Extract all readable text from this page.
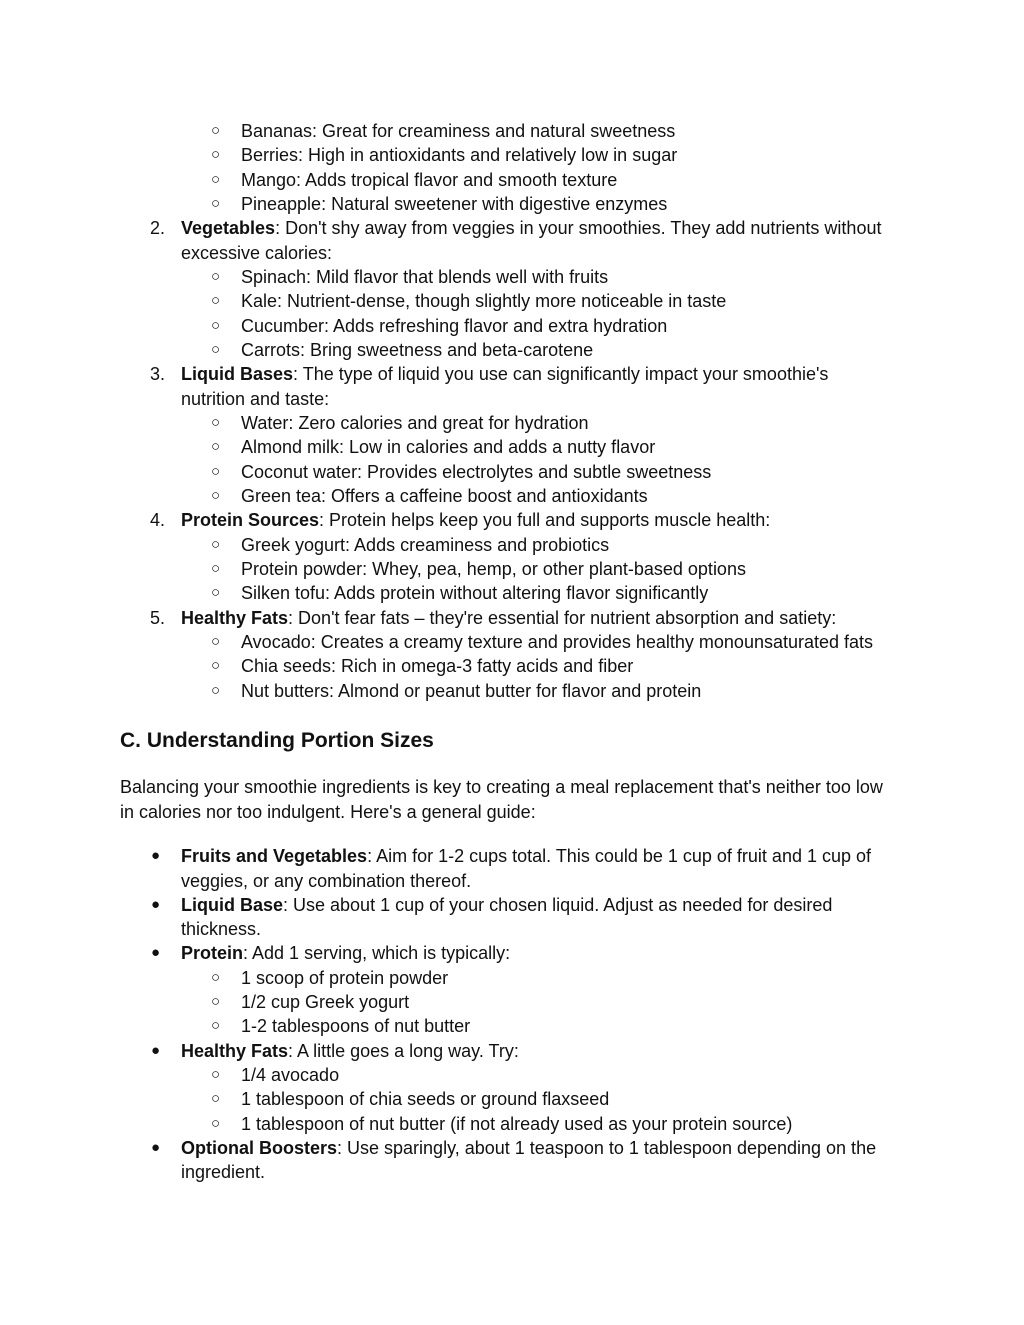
○ Bananas: Great for creaminess and natural sweetness
○ Berries: High in antioxidants and relatively low in sugar
○ Mango: Adds tropical flavor and smooth texture
○ Pineapple: Natural sweetener with digestive enzymes
2. Vegetables: Don't shy away from veggies in your smoothies. They add nutrients without
excessive calories:
○ Spinach: Mild flavor that blends well with fruits
○ Kale: Nutrient-dense, though slightly more noticeable in taste
○ Cucumber: Adds refreshing flavor and extra hydration
○ Carrots: Bring sweetness and beta-carotene
3. Liquid Bases: The type of liquid you use can significantly impact your smoothie's
nutrition and taste:
○ Water: Zero calories and great for hydration
○ Almond milk: Low in calories and adds a nutty flavor
○ Coconut water: Provides electrolytes and subtle sweetness
○ Green tea: Offers a caffeine boost and antioxidants
4. Protein Sources: Protein helps keep you full and supports muscle health:
○ Greek yogurt: Adds creaminess and probiotics
○ Protein powder: Whey, pea, hemp, or other plant-based options
○ Silken tofu: Adds protein without altering flavor significantly
5. Healthy Fats: Don't fear fats – they're essential for nutrient absorption and satiety:
○ Avocado: Creates a creamy texture and provides healthy monounsaturated fats
○ Chia seeds: Rich in omega-3 fatty acids and fiber
○ Nut butters: Almond or peanut butter for flavor and protein
C. Understanding Portion Sizes
Balancing your smoothie ingredients is key to creating a meal replacement that's neither too low
in calories nor too indulgent. Here's a general guide:
● Fruits and Vegetables: Aim for 1-2 cups total. This could be 1 cup of fruit and 1 cup of
veggies, or any combination thereof.
● Liquid Base: Use about 1 cup of your chosen liquid. Adjust as needed for desired
thickness.
● Protein: Add 1 serving, which is typically:
○ 1 scoop of protein powder
○ 1/2 cup Greek yogurt
○ 1-2 tablespoons of nut butter
● Healthy Fats: A little goes a long way. Try:
○ 1/4 avocado
○ 1 tablespoon of chia seeds or ground flaxseed
○ 1 tablespoon of nut butter (if not already used as your protein source)
● Optional Boosters: Use sparingly, about 1 teaspoon to 1 tablespoon depending on the
ingredient.
